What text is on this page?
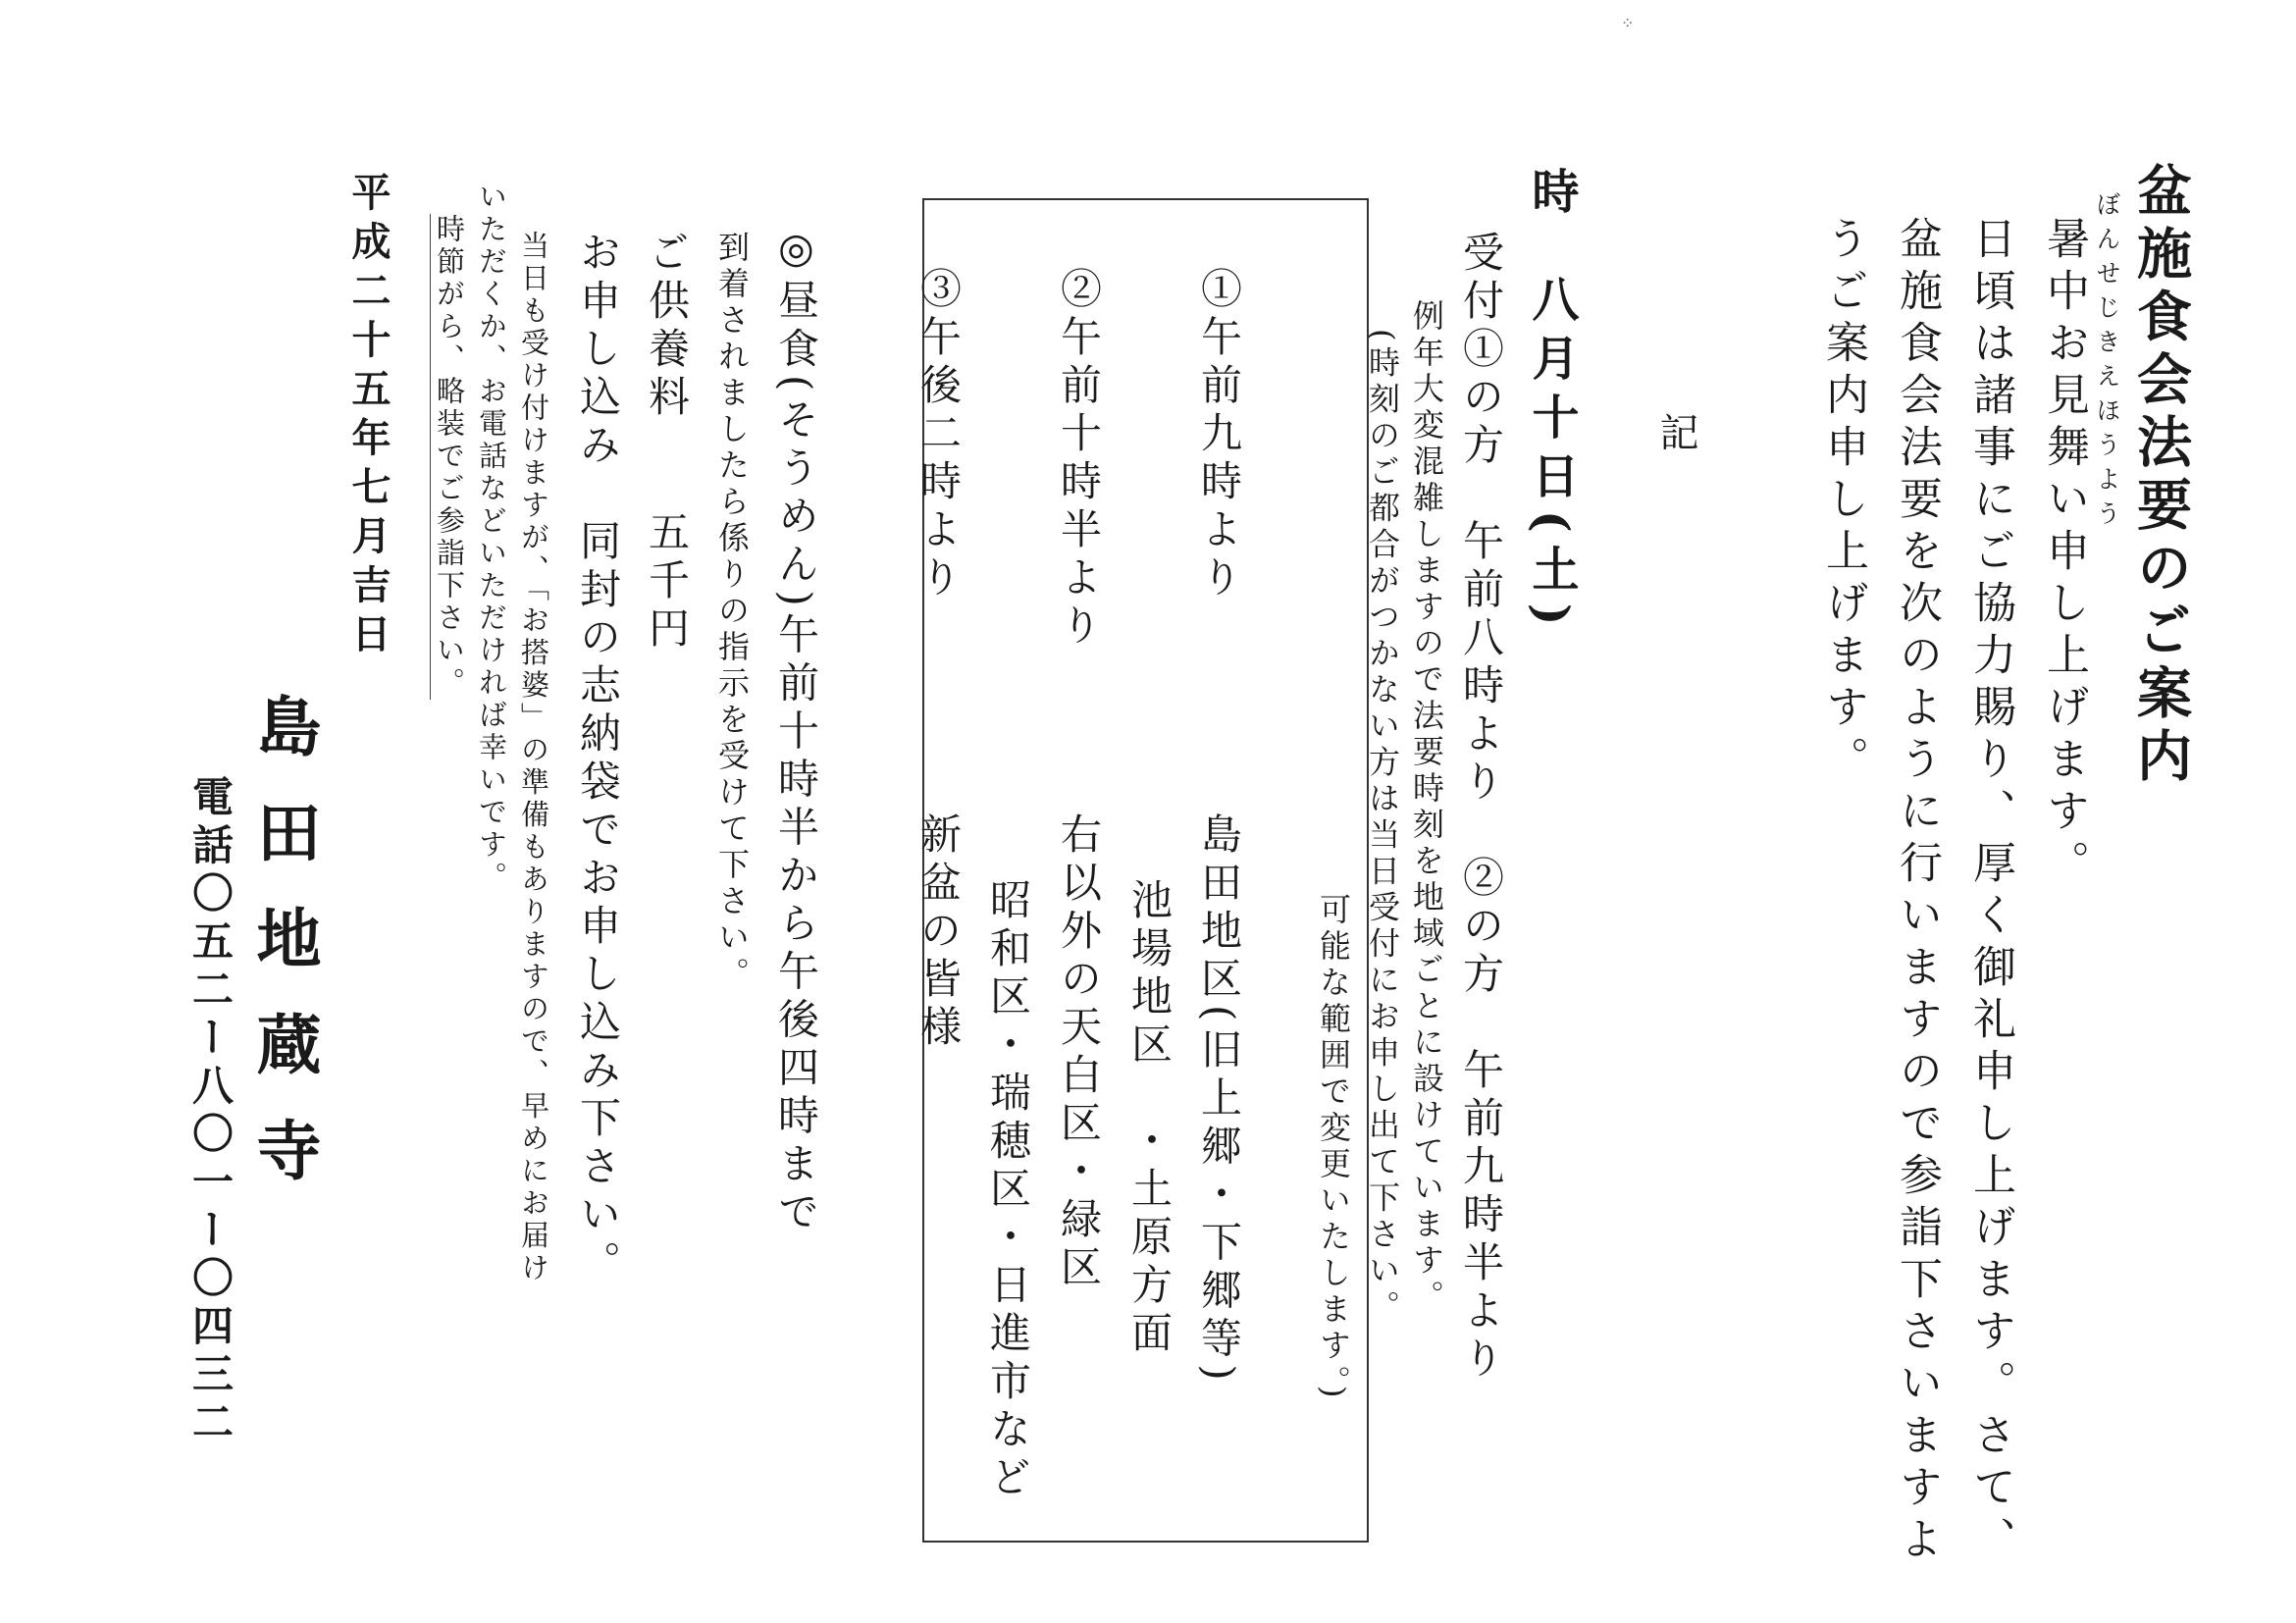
⁘
ぼんせじきえほうよう 盆施食会法要のご案内
暑中お見舞い申し上げます。
日頃は諸事にご協力賜り、厚く御礼申し上げます。さて、
盆施食会法要を次のように行いますので参詣下さいますよ
うご案内申し上げます。
記
時
八月十日(土)
受付①の方　午前八時より　②の方　午前九時半より
例年大変混雑しますので法要時刻を地域ごとに設けています。
(時刻のご都合がつかない方は当日受付にお申し出て下さい。
可能な範囲で変更いたします。)
①午前九時より
島田地区(旧上郷・下郷等)
池場地区　・土原方面
②午前十時半より
右以外の天白区・緑区
昭和区・瑞穂区・日進市など
③午後二時より
新盆の皆様
◎昼食(そうめん)午前十時半から午後四時まで
到着されましたら係りの指示を受けて下さい。
ご供養料
五千円
お申し込み　同封の志納袋でお申し込み下さい。
当日も受け付けますが、「お搭婆」の準備もありますので、早めにお届け
いただくか、お電話などいただければ幸いです。
時節がら、略装でご参詣下さい。
平成二十五年七月吉日
島田地蔵寺
電話〇五二ー八〇一ー〇四三二
